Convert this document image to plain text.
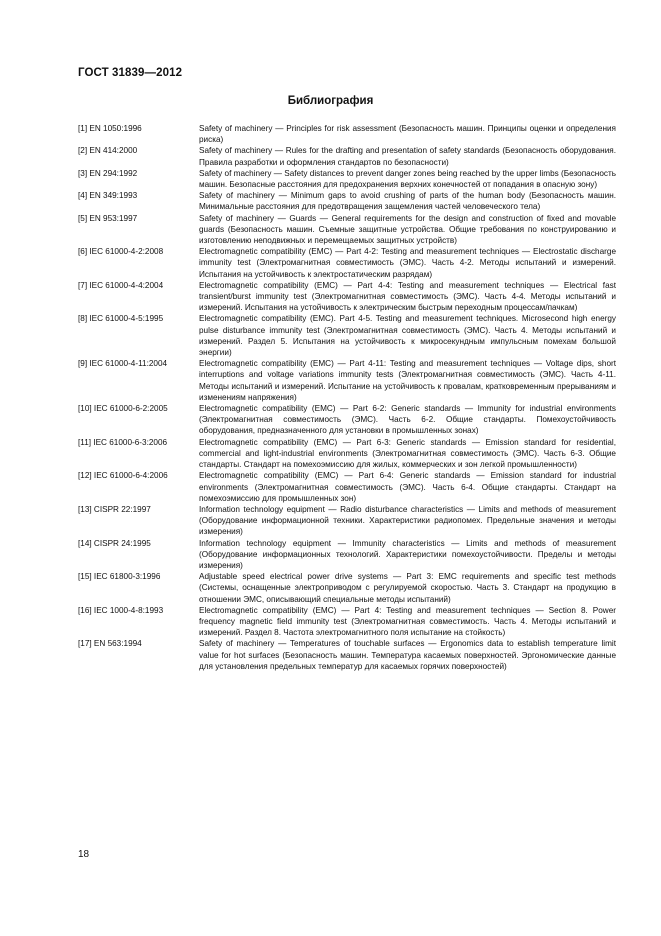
ГОСТ 31839—2012
Библиография
[1] EN 1050:1996	Safety of machinery — Principles for risk assessment (Безопасность машин. Принципы оценки и определения риска)
[2] EN 414:2000	Safety of machinery — Rules for the drafting and presentation of safety standards (Безопасность оборудования. Правила разработки и оформления стандартов по безопасности)
[3] EN 294:1992	Safety of machinery — Safety distances to prevent danger zones being reached by the upper limbs (Безопасность машин. Безопасные расстояния для предохранения верхних конечностей от попадания в опасную зону)
[4] EN 349:1993	Safety of machinery — Minimum gaps to avoid crushing of parts of the human body (Безопасность машин. Минимальные расстояния для предотвращения защемления частей человеческого тела)
[5] EN 953:1997	Safety of machinery — Guards — General requirements for the design and construction of fixed and movable guards (Безопасность машин. Съемные защитные устройства. Общие требования по конструированию и изготовлению неподвижных и перемещаемых защитных устройств)
[6] IEC 61000-4-2:2008	Electromagnetic compatibility (EMC) — Part 4-2: Testing and measurement techniques — Electrostatic discharge immunity test (Электромагнитная совместимость (ЭМС). Часть 4-2. Методы испытаний и измерений. Испытания на устойчивость к электростатическим разрядам)
[7] IEC 61000-4-4:2004	Electromagnetic compatibility (EMC) — Part 4-4: Testing and measurement techniques — Electrical fast transient/burst immunity test (Электромагнитная совместимость (ЭМС). Часть 4-4. Методы испытаний и измерений. Испытания на устойчивость к электрическим быстрым переходным процессам/пачкам)
[8] IEC 61000-4-5:1995	Electromagnetic compatibility (EMC). Part 4-5. Testing and measurement techniques. Microsecond high energy pulse disturbance immunity test (Электромагнитная совместимость (ЭМС). Часть 4. Методы испытаний и измерений. Раздел 5. Испытания на устойчивость к микросекундным импульсным помехам большой энергии)
[9] IEC 61000-4-11:2004	Electromagnetic compatibility (EMC) — Part 4-11: Testing and measurement techniques — Voltage dips, short interruptions and voltage variations immunity tests (Электромагнитная совместимость (ЭМС). Часть 4-11. Методы испытаний и измерений. Испытание на устойчивость к провалам, кратковременным прерываниям и изменениям напряжения)
[10] IEC 61000-6-2:2005	Electromagnetic compatibility (EMC) — Part 6-2: Generic standards — Immunity for industrial environments (Электромагнитная совместимость (ЭМС). Часть 6-2. Общие стандарты. Помехоустойчивость оборудования, предназначенного для установки в промышленных зонах)
[11] IEC 61000-6-3:2006	Electromagnetic compatibility (EMC) — Part 6-3: Generic standards — Emission standard for residential, commercial and light-industrial environments (Электромагнитная совместимость (ЭМС). Часть 6-3. Общие стандарты. Стандарт на помехоэмиссию для жилых, коммерческих и зон легкой промышленности)
[12] IEC 61000-6-4:2006	Electromagnetic compatibility (EMC) — Part 6-4: Generic standards — Emission standard for industrial environments (Электромагнитная совместимость (ЭМС). Часть 6-4. Общие стандарты. Стандарт на помехоэмиссию для промышленных зон)
[13] CISPR 22:1997	Information technology equipment — Radio disturbance characteristics — Limits and methods of measurement (Оборудование информационной техники. Характеристики радиопомех. Предельные значения и методы измерения)
[14] CISPR 24:1995	Information technology equipment — Immunity characteristics — Limits and methods of measurement (Оборудование информационных технологий. Характеристики помехоустойчивости. Пределы и методы измерения)
[15] IEC 61800-3:1996	Adjustable speed electrical power drive systems — Part 3: EMC requirements and specific test methods (Системы, оснащенные электроприводом с регулируемой скоростью. Часть 3. Стандарт на продукцию в отношении ЭМС, описывающий специальные методы испытаний)
[16] IEC 1000-4-8:1993	Electromagnetic compatibility (EMC) — Part 4: Testing and measurement techniques — Section 8. Power frequency magnetic field immunity test (Электромагнитная совместимость. Часть 4. Методы испытаний и измерений. Раздел 8. Частота электромагнитного поля испытание на стойкость)
[17] EN 563:1994	Safety of machinery — Temperatures of touchable surfaces — Ergonomics data to establish temperature limit value for hot surfaces (Безопасность машин. Температура касаемых поверхностей. Эргономические данные для установления предельных температур для касаемых горячих поверхностей)
18
